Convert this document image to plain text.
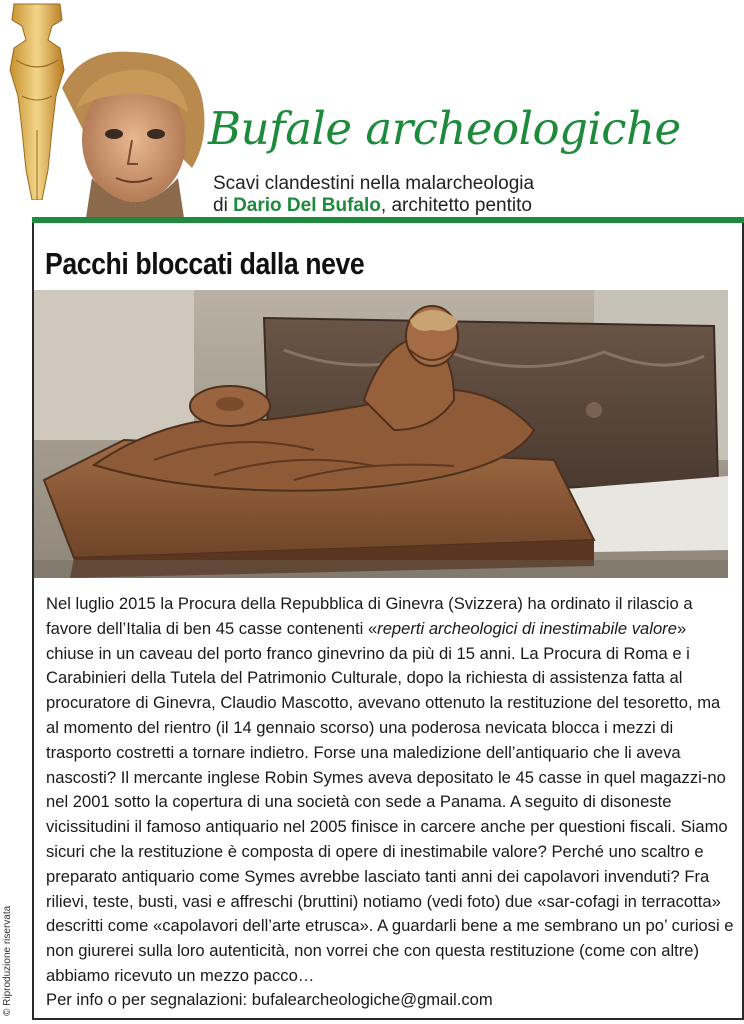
Bufale archeologiche
Scavi clandestini nella malarcheologia
di Dario Del Bufalo, architetto pentito
Pacchi bloccati dalla neve

Nel luglio 2015 la Procura della Repubblica di Ginevra (Svizzera) ha ordinato il rilascio a favore dell’Italia di ben 45 casse contenenti «reperti archeologici di inestimabile valore» chiuse in un caveau del porto franco ginevrino da più di 15 anni. La Procura di Roma e i Carabinieri della Tutela del Patrimonio Culturale, dopo la richiesta di assistenza fatta al procuratore di Ginevra, Claudio Mascotto, avevano ottenuto la restituzione del tesoretto, ma al momento del rientro (il 14 gennaio scorso) una poderosa nevicata blocca i mezzi di trasporto costretti a tornare indietro. Forse una maledizione dell’antiquario che li aveva nascosti? Il mercante inglese Robin Symes aveva depositato le 45 casse in quel magazzi-no nel 2001 sotto la copertura di una società con sede a Panama. A seguito di disoneste vicissitudini il famoso antiquario nel 2005 finisce in carcere anche per questioni fiscali. Siamo sicuri che la restituzione è composta di opere di inestimabile valore? Perché uno scaltro e preparato antiquario come Symes avrebbe lasciato tanti anni dei capolavori invenduti? Fra rilievi, teste, busti, vasi e affreschi (bruttini) notiamo (vedi foto) due «sar-cofagi in terracotta» descritti come «capolavori dell’arte etrusca». A guardarli bene a me sembrano un po’ curiosi e non giurerei sulla loro autenticità, non vorrei che con questa restituzione (come con altre) abbiamo ricevuto un mezzo pacco…

Per info o per segnalazioni: bufalearcheologiche@gmail.com
© Riproduzione riservata
